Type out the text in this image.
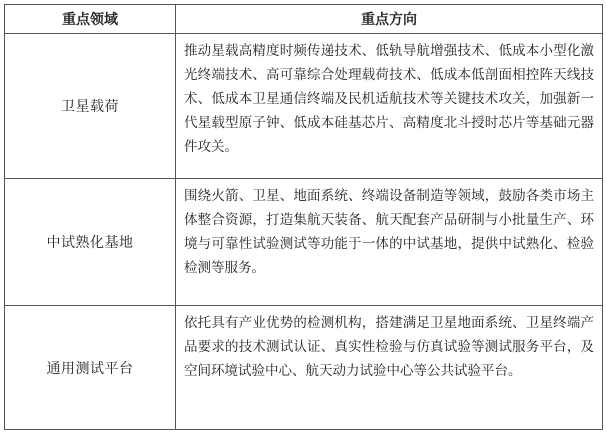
重点领域	重点方向
卫星载荷	推动星载高精度时频传递技术、低轨导航增强技术、低成本小型化激光终端技术、高可靠综合处理载荷技术、低成本低剖面相控阵天线技术、低成本卫星通信终端及民机适航技术等关键技术攻关，加强新一代星载型原子钟、低成本硅基芯片、高精度北斗授时芯片等基础元器件攻关。
中试熟化基地	围绕火箭、卫星、地面系统、终端设备制造等领域，鼓励各类市场主体整合资源，打造集航天装备、航天配套产品研制与小批量生产、环境与可靠性试验测试等功能于一体的中试基地，提供中试熟化、检验检测等服务。
通用测试平台	依托具有产业优势的检测机构，搭建满足卫星地面系统、卫星终端产品要求的技术测试认证、真实性检验与仿真试验等测试服务平台，及空间环境试验中心、航天动力试验中心等公共试验平台。
